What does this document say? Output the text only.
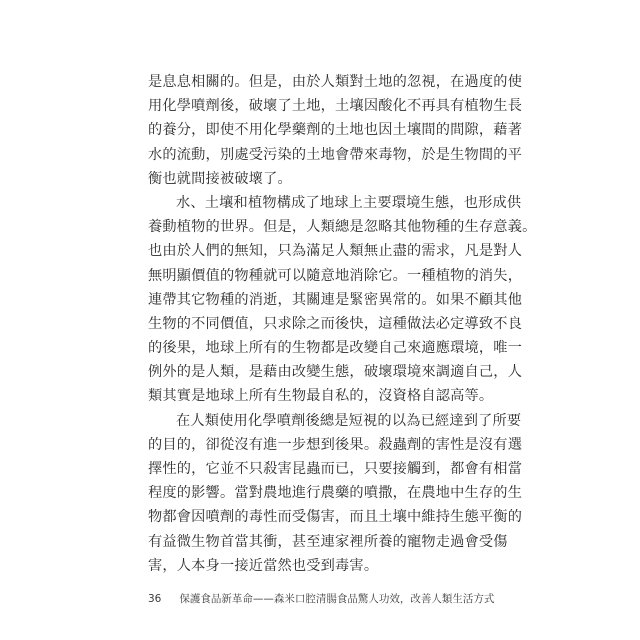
是息息相關的。但是，由於人類對土地的忽視，在過度的使
用化學噴劑後，破壞了土地，土壤因酸化不再具有植物生長
的養分，即使不用化學藥劑的土地也因土壤間的間隙，藉著
水的流動，別處受污染的土地會帶來毒物，於是生物間的平
衡也就間接被破壞了。
水、土壤和植物構成了地球上主要環境生態，也形成供
養動植物的世界。但是，人類總是忽略其他物種的生存意義。
也由於人們的無知，只為滿足人類無止盡的需求，凡是對人
無明顯價值的物種就可以隨意地消除它。一種植物的消失，
連帶其它物種的消逝，其關連是緊密異常的。如果不顧其他
生物的不同價值，只求除之而後快，這種做法必定導致不良
的後果，地球上所有的生物都是改變自己來適應環境，唯一
例外的是人類，是藉由改變生態，破壞環境來調適自己，人
類其實是地球上所有生物最自私的，沒資格自認高等。
在人類使用化學噴劑後總是短視的以為已經達到了所要
的目的，卻從沒有進一步想到後果。殺蟲劑的害性是沒有選
擇性的，它並不只殺害昆蟲而已，只要接觸到，都會有相當
程度的影響。當對農地進行農藥的噴撒，在農地中生存的生
物都會因噴劑的毒性而受傷害，而且土壤中維持生態平衡的
有益微生物首當其衝，甚至連家裡所養的寵物走過會受傷
害，人本身一接近當然也受到毒害。
36 保護食品新革命——森米口腔清腸食品驚人功效，改善人類生活方式
